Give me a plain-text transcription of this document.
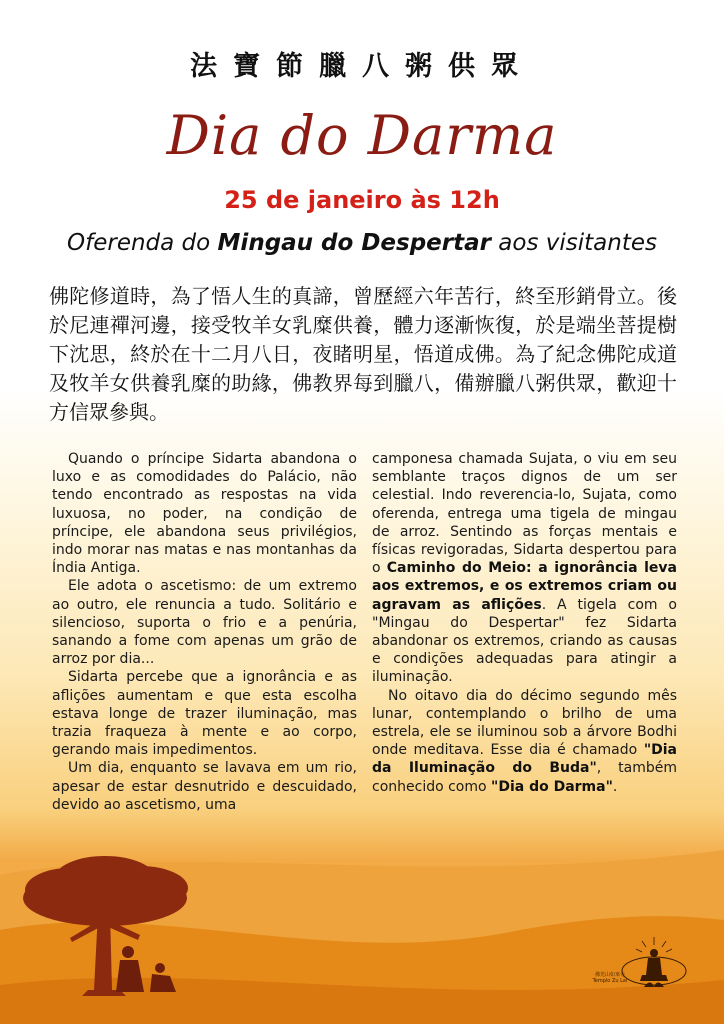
法寶節臘八粥供眾
Dia do Darma
25 de janeiro às 12h
Oferenda do Mingau do Despertar aos visitantes
佛陀修道時，為了悟人生的真諦，曾歷經六年苦行，終至形銷骨立。後於尼連禪河邊，接受牧羊女乳糜供養，體力逐漸恢復，於是端坐菩提樹下沈思，終於在十二月八日，夜睹明星，悟道成佛。為了紀念佛陀成道及牧羊女供養乳糜的助緣，佛教界每到臘八，備辦臘八粥供眾，歡迎十方信眾參與。

Quando o príncipe Sidarta abandona o luxo e as comodidades do Palácio, não tendo encontrado as respostas na vida luxuosa, no poder, na condição de príncipe, ele abandona seus privilégios, indo morar nas matas e nas montanhas da Índia Antiga.

Ele adota o ascetismo: de um extremo ao outro, ele renuncia a tudo. Solitário e silencioso, suporta o frio e a penúria, sanando a fome com apenas um grão de arroz por dia...

Sidarta percebe que a ignorância e as aflições aumentam e que esta escolha estava longe de trazer iluminação, mas trazia fraqueza à mente e ao corpo, gerando mais impedimentos.

Um dia, enquanto se lavava em um rio, apesar de estar desnutrido e descuidado, devido ao ascetismo, uma

camponesa chamada Sujata, o viu em seu semblante traços dignos de um ser celestial. Indo reverencia-lo, Sujata, como oferenda, entrega uma tigela de mingau de arroz. Sentindo as forças mentais e físicas revigoradas, Sidarta despertou para o Caminho do Meio: a ignorância leva aos extremos, e os extremos criam ou agravam as aflições. A tigela com o "Mingau do Despertar" fez Sidarta abandonar os extremos, criando as causas e condições adequadas para atingir a iluminação.

No oitavo dia do décimo segundo mês lunar, contemplando o brilho de uma estrela, ele se iluminou sob a árvore Bodhi onde meditava. Esse dia é chamado "Dia da Iluminação do Buda", também conhecido como "Dia do Darma".

佛光山如來寺
Templo Zu Lai
